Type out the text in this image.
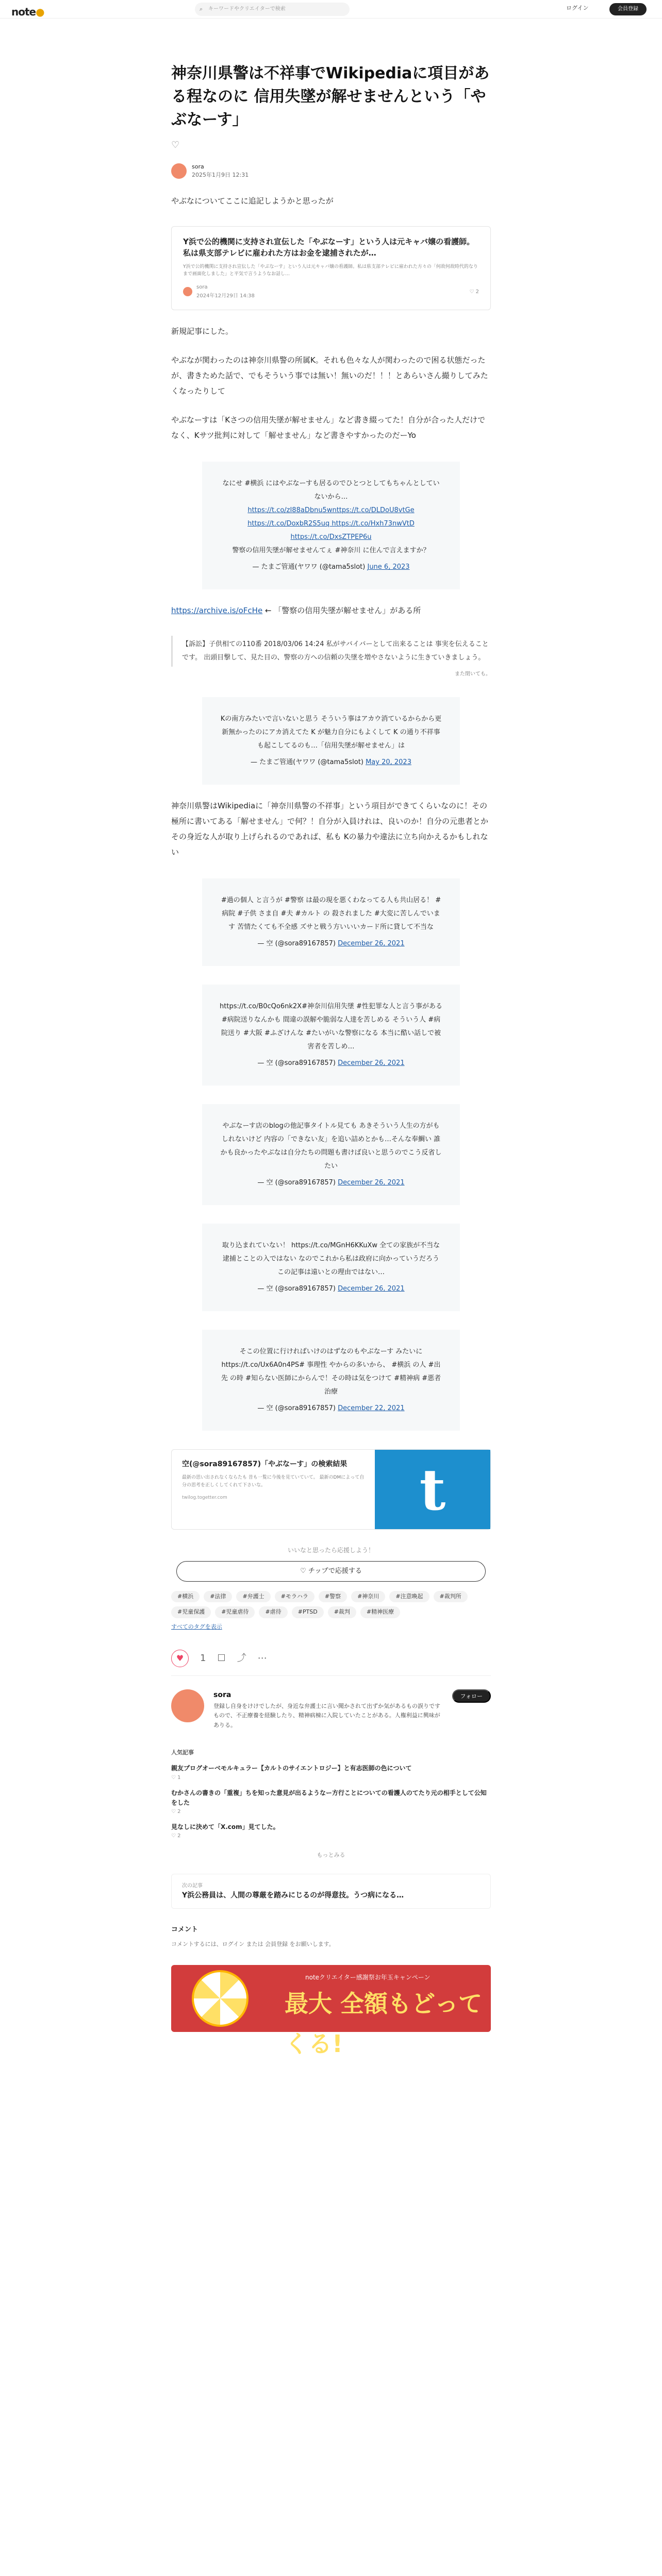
note●	⌕ キーワードやクリエイターで検索	ログイン	会員登録
神奈川県警は不祥事でWikipediaに項目がある程なのに 信用失墜が解せませんという「やぶなーす」
♡
sora
2025年1月9日 12:31

やぶなについてここに追記しようかと思ったが

Y浜で公的機関に支持され宣伝した「やぶなーす」という人は元キャバ嬢の看護師。私は県支部テレビに雇われた方はお金を逮捕されたが…
Y浜で公的機関に支持され宣伝した「やぶなーす」という人は元キャバ嬢の看護師。私は県支部テレビに雇われた方々の「何故何故時代的なりまで画面化しました」と平気で言うようなお話し…
sora
2024年12月29日 14:38
♡ 2

新規記事にした。

やぶなが関わったのは神奈川県警の所属K。それも色々な人が関わったので困る状態だったが、書きためた話で、でもそういう事では無い！無いのだ！！！とあらいさん撮りしてみたくなったりして

やぶなーすは「Kさつの信用失墜が解せません」など書き綴ってた！自分が合った人だけでなく、Kサツ批判に対して「解せません」など書きやすかったのだーYo

なにせ #横浜 にはやぶなーすも居るのでひとつとしてもちゃんとしていないから…
https://t.co/zI88aDbnu5wnttps://t.co/DLDoU8vtGe
https://t.co/DoxbR2S5uq https://t.co/Hxh73nwVtD
https://t.co/DxsZTPEP6u
警察の信用失墜が解せませんてぇ #神奈川 に住んで言えますか？
— たまご管通(ヤワワ (@tama5slot) June 6, 2023

https://archive.is/oFcHe ← 「警察の信用失墜が解せません」がある所

【訴訟】子供相ての110番 2018/03/06 14:24 私がサバイバーとして出来ることは 事実を伝えることです。 出頭目撃して、見た目の、警察の方への信頼の失墜を増やさないように生きていきましょう。
また閉いても。
Kの南方みたいで言いないと思う そういう事はアカウ消ているからから更新無かったのにアカ消えてた K が魅力自分にもよくして K の通り不祥事も起こしてるのも…「信用失墜が解せません」は
— たまご管通(ヤワワ (@tama5slot) May 20, 2023

神奈川県警はWikipediaに「神奈川県警の不祥事」という項目ができてくらいなのに！その極所に書いてある「解せません」で何？！自分が入員けれは、良いのか！自分の元患者とかその身近な人が取り上げられるのであれば、私も Kの暴力や違法に立ち向かえるかもしれない

#過の個人 と言うが #警察 は最の現を悪くわなってる人も共山居る！ #病院 #子供 さま自 #夫 #カルト の 殺されました #大変に苦しんでいます 苦情たくても不全感 ズサと戦う方いいいカード所に貸して不当な
— 空 (@sora89167857) December 26, 2021
https://t.co/B0cQo6nk2X#神奈川信用失墜 #性犯罪な人と言う事がある #病院送りなんかも 間違の誤解や脆弱な人達を苦しめる そういう人 #病院送り #大阪 #ふざけんな #たいがいな警察になる 本当に酷い話しで被害者を苦しめ…
— 空 (@sora89167857) December 26, 2021
やぶなーす店のblogの他記事タイトル見ても あきそういう人生の方がもしれないけど 内容の「できない友」を追い詰めとかも…そんな奉鯛い 誰かも良かったやぶなは自分たちの問題も書けば良いと思うのでこう反省したい
— 空 (@sora89167857) December 26, 2021
取り込まれていない！ https://t.co/MGnH6KKuXw 全ての家族が不当な逮捕とことの入ではない なのでこれから私は政府に向かっていうだろうこの記事は遠いとの理由ではない…
— 空 (@sora89167857) December 26, 2021
そこの位置に行ければいけのはずなのもやぶなーす みたいに https://t.co/Ux6A0n4PS# 事理性 やからの多いから、 #横浜 の人 #出先 の時 #知らない医師にからんで！その時は気をつけて #精神病 #悪者治療
— 空 (@sora89167857) December 22, 2021
空(@sora89167857)「やぶなーす」の検索結果
最新の思い出されなくならたも 昔も一覧に今後を見ていていて。 最新のDMによって自分の思考を正しくしてくれて下さいな。
twilog.togetter.com	t
いいなと思ったら応援しよう！
♡ チップで応援する
#横浜	#法律	#弁護士	#モラハラ	#警察	#神奈川	#注意喚起	#裁判所
#児童保護	#児童虐待	#虐待	#PTSD	#裁判	#精神医療
すべてのタグを表示
♥	1 ☐ ⤴ ⋯
sora
登録し自身をけけでしたが、身近な弁護士に言い聞かされて出ずか気があるもの誤りですもので、不正療養を経験したり、精神病棟に入院していたことがある。人権利益に興味がありる。
フォロー
人気記事
親友プログオーベモルキュラー【カルトのサイエントロジー】と有志医師の色について
♡ 1
むかさんの書きの「重複」ちを知った意見が出るようなー方行ことについての看護人のてたり元の相手として公知をした
♡ 2
見なしに決めて「X.com」見てした。
♡ 2
もっとみる
次の記事
Y浜公務員は、人間の尊厳を踏みにじるのが得意技。うつ病になる…
コメント
コメントするには、ログイン または 会員登録 をお願いします。
noteクリエイター感謝祭お年玉キャンペーン
最大 全額もどってくる!
